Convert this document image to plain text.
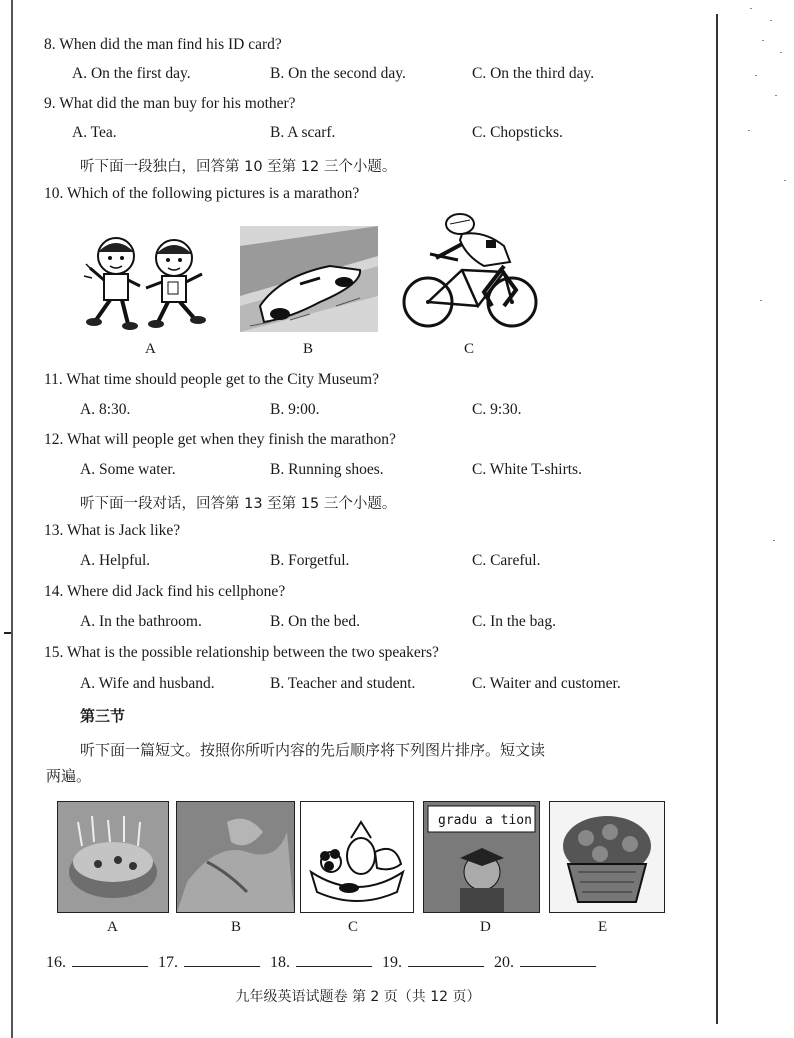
8. When did the man find his ID card?
A. On the first day.	B. On the second day.	C. On the third day.
9. What did the man buy for his mother?
A. Tea.	B. A scarf.	C. Chopsticks.
听下面一段独白，回答第 10 至第 12 三个小题。
10. Which of the following pictures is a marathon?
A	B	C
11. What time should people get to the City Museum?
A. 8:30.	B. 9:00.	C. 9:30.
12. What will people get when they finish the marathon?
A. Some water.	B. Running shoes.	C. White T-shirts.
听下面一段对话，回答第 13 至第 15 三个小题。
13. What is Jack like?
A. Helpful.	B. Forgetful.	C. Careful.
14. Where did Jack find his cellphone?
A. In the bathroom.	B. On the bed.	C. In the bag.
15. What is the possible relationship between the two speakers?
A. Wife and husband.	B. Teacher and student.	C. Waiter and customer.
第三节
听下面一篇短文。按照你所听内容的先后顺序将下列图片排序。短文读
两遍。
gradu a tion
A	B	C	D	E
16.	17.	18.	19.	20.
九年级英语试题卷 第 2 页（共 12 页）
